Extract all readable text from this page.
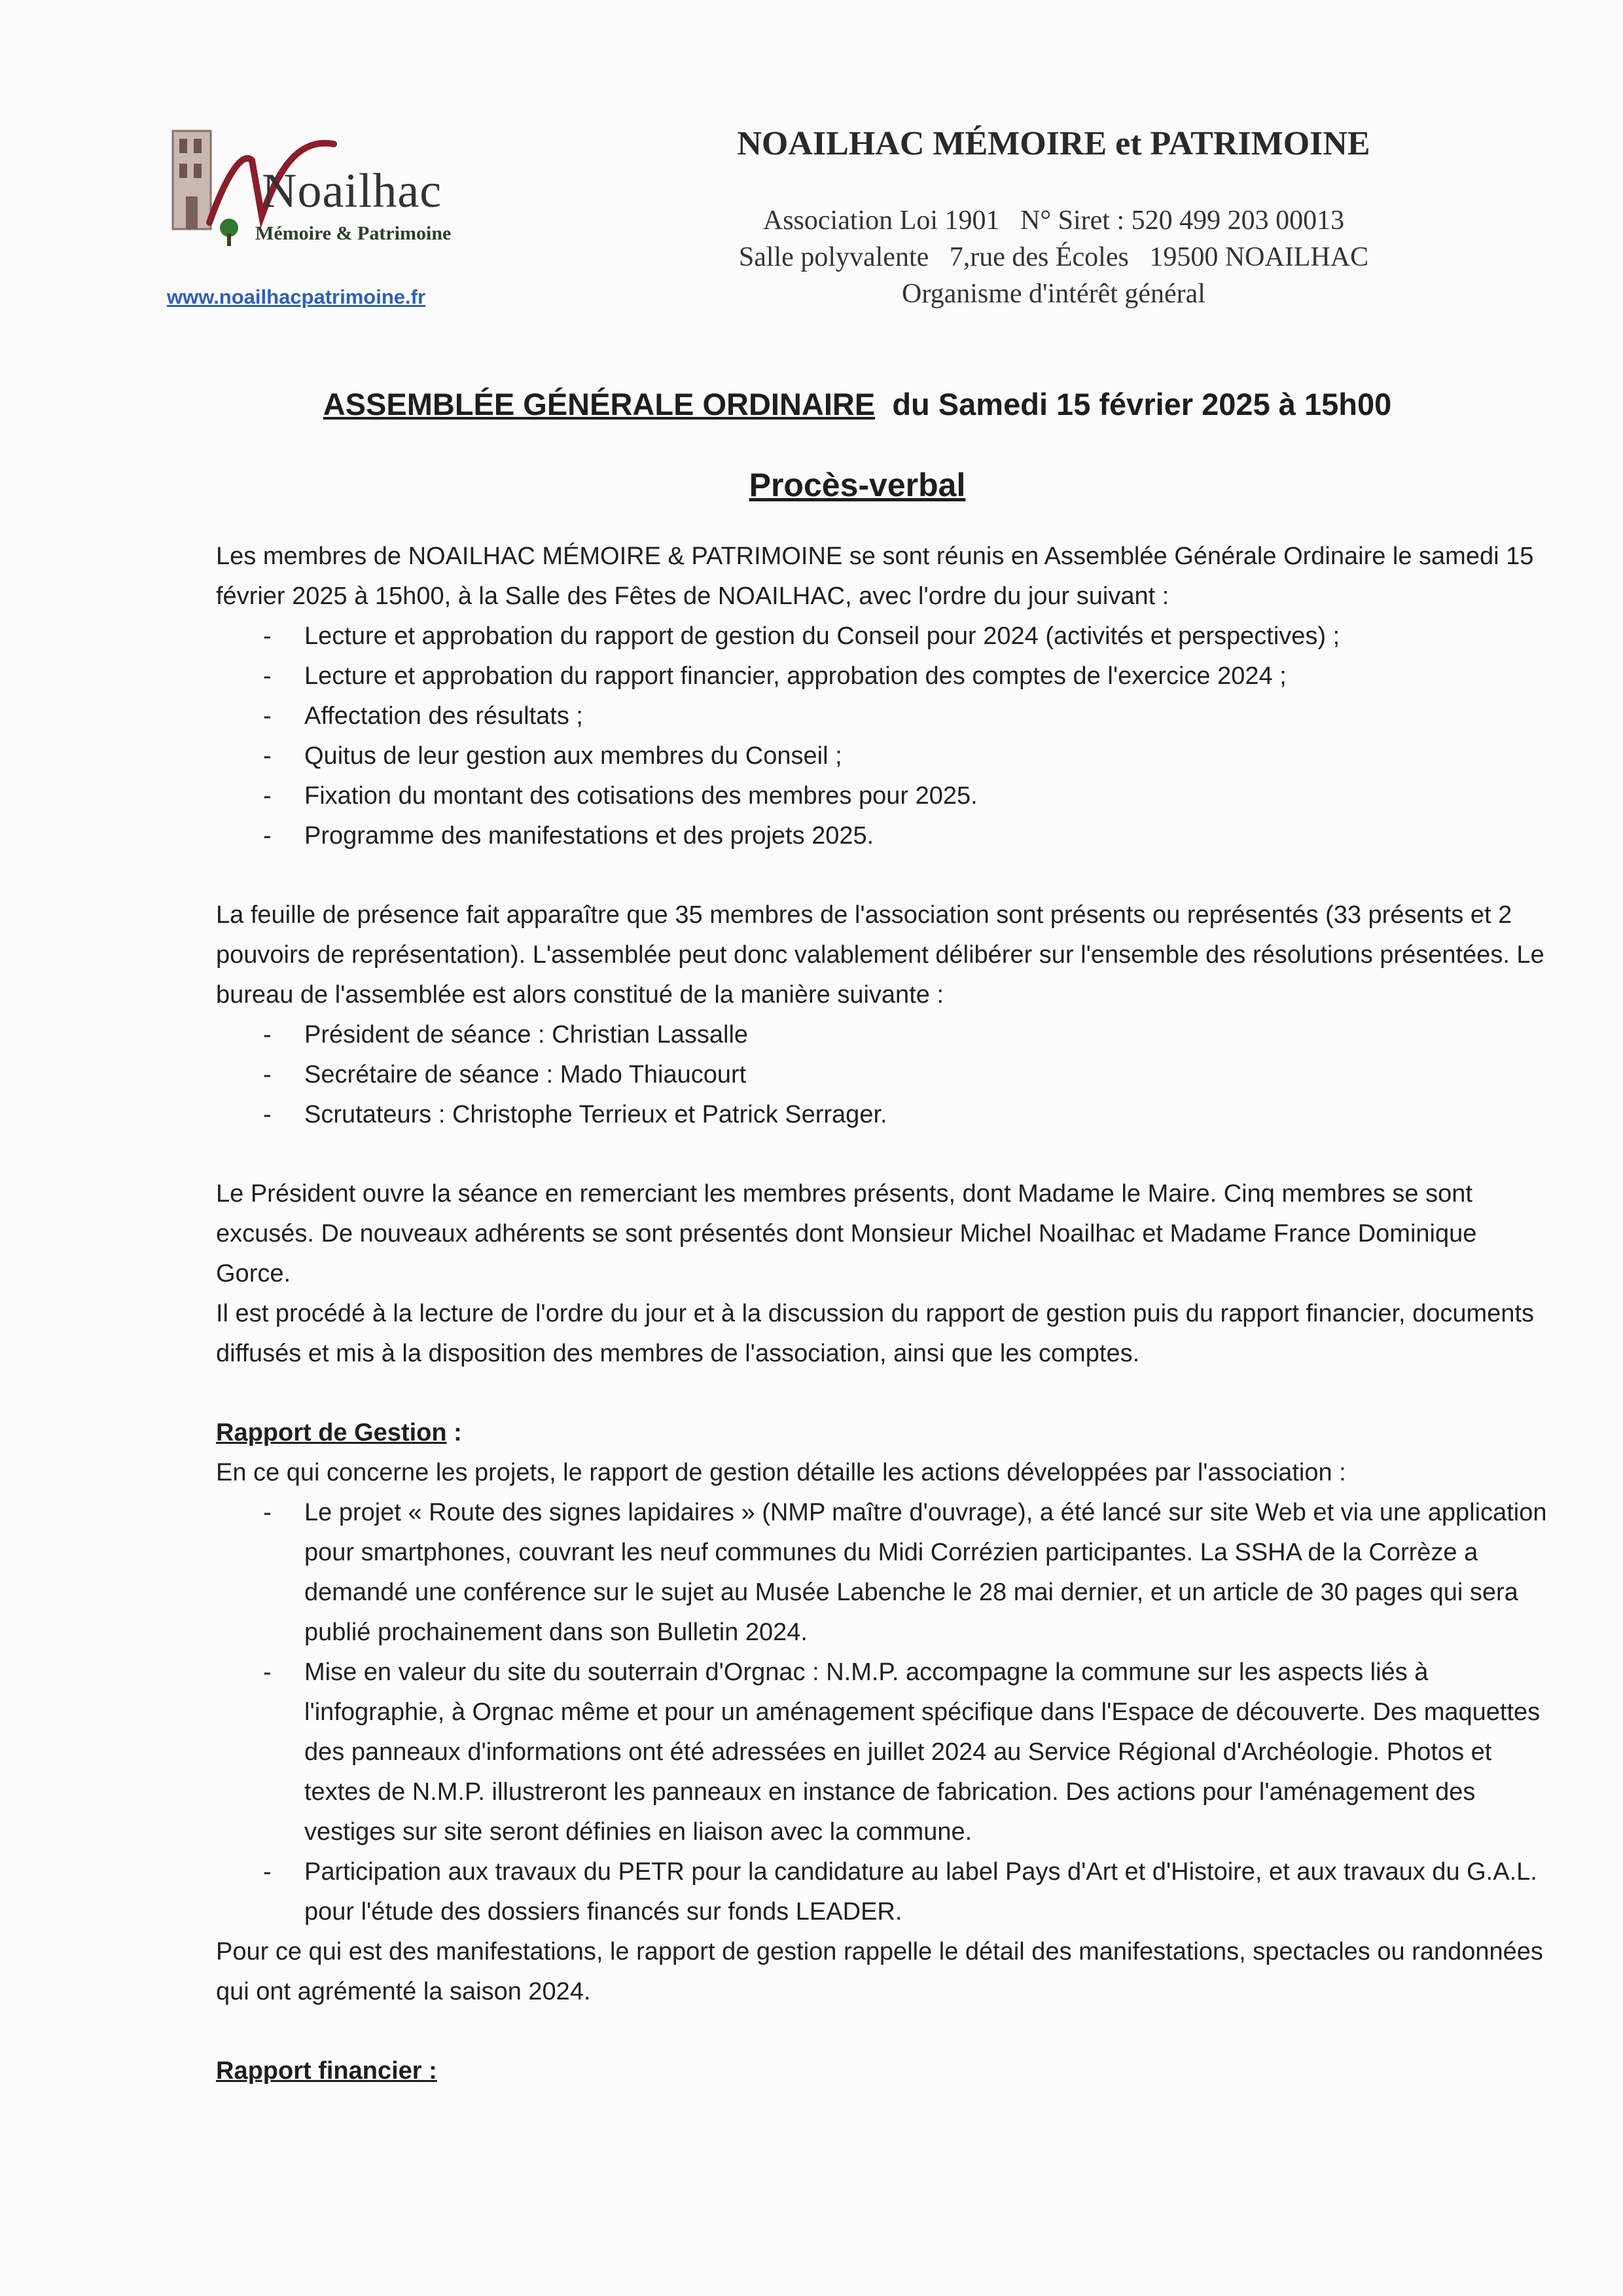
Noailhac
Mémoire & Patrimoine
www.noailhacpatrimoine.fr
NOAILHAC MÉMOIRE et PATRIMOINE
Association Loi 1901   N° Siret : 520 499 203 00013
Salle polyvalente   7,rue des Écoles   19500 NOAILHAC
Organisme d'intérêt général
ASSEMBLÉE GÉNÉRALE ORDINAIRE  du Samedi 15 février 2025 à 15h00
Procès-verbal

Les membres de NOAILHAC MÉMOIRE & PATRIMOINE se sont réunis en Assemblée Générale Ordinaire le samedi 15 février 2025 à 15h00, à la Salle des Fêtes de NOAILHAC, avec l'ordre du jour suivant :

- Lecture et approbation du rapport de gestion du Conseil pour 2024 (activités et perspectives) ;
- Lecture et approbation du rapport financier, approbation des comptes de l'exercice 2024 ;
- Affectation des résultats ;
- Quitus de leur gestion aux membres du Conseil ;
- Fixation du montant des cotisations des membres pour 2025.
- Programme des manifestations et des projets 2025.

La feuille de présence fait apparaître que 35 membres de l'association sont présents ou représentés (33 présents et 2 pouvoirs de représentation). L'assemblée peut donc valablement délibérer sur l'ensemble des résolutions présentées. Le bureau de l'assemblée est alors constitué de la manière suivante :

- Président de séance : Christian Lassalle
- Secrétaire de séance : Mado Thiaucourt
- Scrutateurs : Christophe Terrieux et Patrick Serrager.

Le Président ouvre la séance en remerciant les membres présents, dont Madame le Maire. Cinq membres se sont excusés. De nouveaux adhérents se sont présentés dont Monsieur Michel Noailhac et Madame France Dominique Gorce.

Il est procédé à la lecture de l'ordre du jour et à la discussion du rapport de gestion puis du rapport financier, documents diffusés et mis à la disposition des membres de l'association, ainsi que les comptes.

Rapport de Gestion :

En ce qui concerne les projets, le rapport de gestion détaille les actions développées par l'association :

- Le projet « Route des signes lapidaires » (NMP maître d'ouvrage), a été lancé sur site Web et via une application pour smartphones, couvrant les neuf communes du Midi Corrézien participantes. La SSHA de la Corrèze a demandé une conférence sur le sujet au Musée Labenche le 28 mai dernier, et un article de 30 pages qui sera publié prochainement dans son Bulletin 2024.
- Mise en valeur du site du souterrain d'Orgnac : N.M.P. accompagne la commune sur les aspects liés à l'infographie, à Orgnac même et pour un aménagement spécifique dans l'Espace de découverte. Des maquettes des panneaux d'informations ont été adressées en juillet 2024 au Service Régional d'Archéologie. Photos et textes de N.M.P. illustreront les panneaux en instance de fabrication. Des actions pour l'aménagement des vestiges sur site seront définies en liaison avec la commune.
- Participation aux travaux du PETR pour la candidature au label Pays d'Art et d'Histoire, et aux travaux du G.A.L. pour l'étude des dossiers financés sur fonds LEADER.

Pour ce qui est des manifestations, le rapport de gestion rappelle le détail des manifestations, spectacles ou randonnées qui ont agrémenté la saison 2024.

Rapport financier :
